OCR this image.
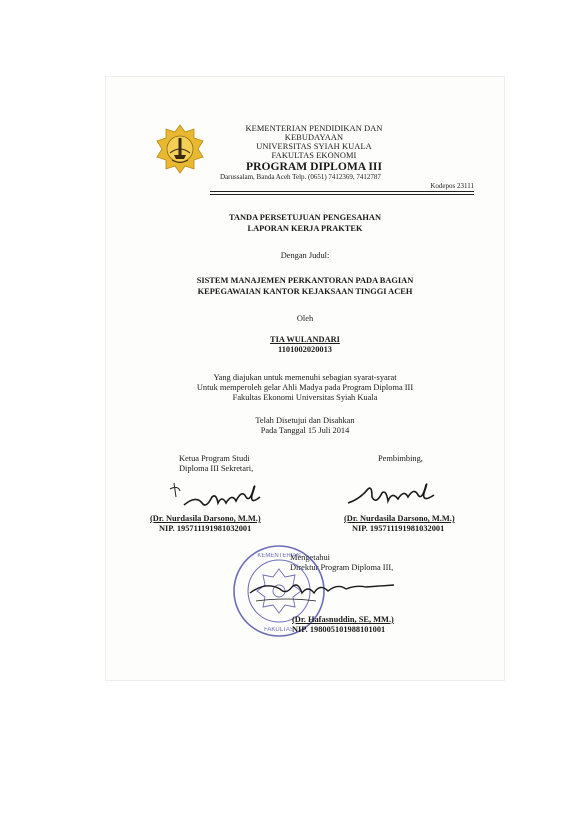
KEMENTERIAN PENDIDIKAN DAN
KEBUDAYAAN
UNIVERSITAS SYIAH KUALA
FAKULTAS EKONOMI
PROGRAM DIPLOMA III
Darussalam, Banda Aceh Telp. (0651) 7412369, 7412787
Kodepos 23111
TANDA PERSETUJUAN PENGESAHAN
LAPORAN KERJA PRAKTEK
Dengan Judul:
SISTEM MANAJEMEN PERKANTORAN PADA BAGIAN
KEPEGAWAIAN KANTOR KEJAKSAAN TINGGI ACEH
Oleh
TIA WULANDARI
1101002020013
Yang diajukan untuk memenuhi sebagian syarat-syarat
Untuk memperoleh gelar Ahli Madya pada Program Diploma III
Fakultas Ekonomi Universitas Syiah Kuala
Telah Disetujui dan Disahkan
Pada Tanggal 15 Juli 2014
Ketua Program Studi
Diploma III Sekretari,
(Dr. Nurdasila Darsono, M.M.)
NIP. 195711191981032001
Pembimbing,
(Dr. Nurdasila Darsono, M.M.)
NIP. 195711191981032001
Mengetahui
Direktur Program Diploma III,
KEMENTERIAN
FAKULTAS
(Dr. Hafasnuddin, SE, MM.)
NIP. 198005101988101001
